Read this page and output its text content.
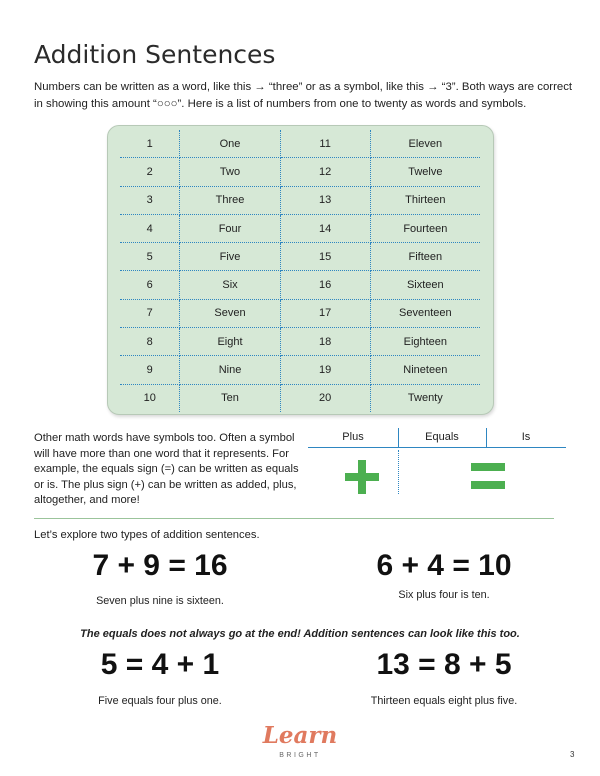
Addition Sentences
Numbers can be written as a word, like this → “three” or as a symbol, like this → “3”. Both ways are correct in showing this amount “○○○”. Here is a list of numbers from one to twenty as words and symbols.
1	One	11	Eleven
2	Two	12	Twelve
3	Three	13	Thirteen
4	Four	14	Fourteen
5	Five	15	Fifteen
6	Six	16	Sixteen
7	Seven	17	Seventeen
8	Eight	18	Eighteen
9	Nine	19	Nineteen
10	Ten	20	Twenty
Other math words have symbols too. Often a symbol will have more than one word that it represents. For example, the equals sign (=) can be written as equals or is. The plus sign (+) can be written as added, plus, altogether, and more!
Plus	Equals	Is
Let’s explore two types of addition sentences.
7 + 9 = 16
Seven plus nine is sixteen.
6 + 4 = 10
Six plus four is ten.
The equals does not always go at the end! Addition sentences can look like this too.
5 = 4 + 1
Five equals four plus one.
13 = 8 + 5
Thirteen equals eight plus five.
Learn
BRIGHT	3
